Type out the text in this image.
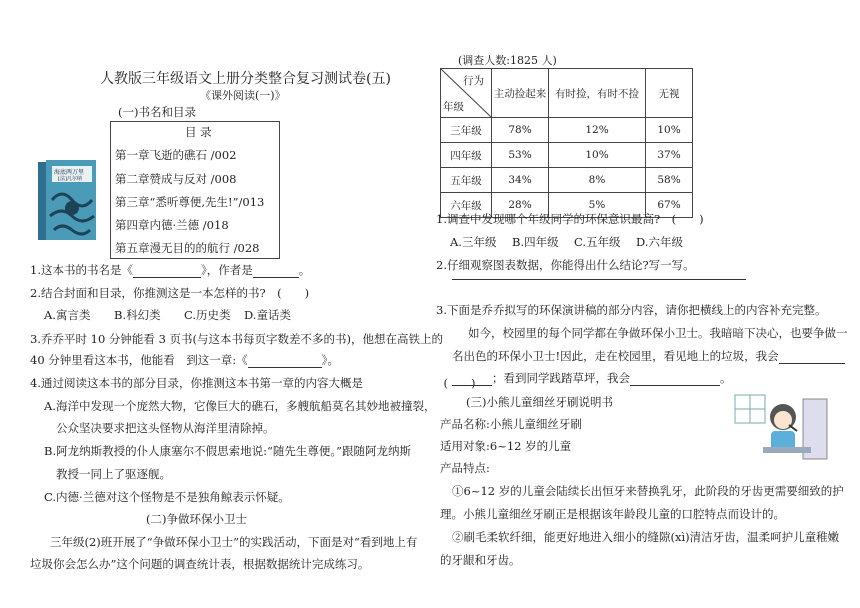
人教版三年级语文上册分类整合复习测试卷(五)
《课外阅读(一)》
(一)书名和目录
目 录
第一章飞逝的礁石 /002
第二章赞成与反对 /008
第三章“悉听尊便,先生!”/013
第四章内德·兰德 /018
第五章漫无目的的航行 /028
海底两万里
[法]凡尔纳
1.这本书的书名是《	》，作者是	。
2.结合封面和目录，你推测这是一本怎样的书?　(　　)
A.寓言类 B.科幻类 C.历史类 D.童话类
3.乔乔平时 10 分钟能看 3 页书(与这本书每页字数差不多的书)，他想在高铁上的
40 分钟里看这本书，他能看　到这一章:《	》。
4.通过阅读这本书的部分目录，你推测这本书第一章的内容大概是　　　　　　　(　　)
A.海洋中发现一个庞然大物，它像巨大的礁石，多艘航船莫名其妙地被撞裂，
公众坚决要求把这头怪物从海洋里清除掉。
B.阿龙纳斯教授的仆人康塞尔不假思索地说:“随先生尊便。”跟随阿龙纳斯
教授一同上了驱逐舰。
C.内德·兰德对这个怪物是不是独角鲸表示怀疑。
(二)争做环保小卫士
三年级(2)班开展了“争做环保小卫士”的实践活动，下面是对“看到地上有
垃圾你会怎么办”这个问题的调查统计表，根据数据统计完成练习。
(调查人数:1825 人)
行为
年级	主动捡起来	有时捡，有时不捡	无视
三年级	78%	12%	10%
四年级	53%	10%	37%
五年级	34%	8%	58%
六年级	28%	5%	67%
1.调查中发现哪个年级同学的环保意识最高?　(　　)
A.三年级 B.四年级 C.五年级 D.六年级
2.仔细观察图表数据，你能得出什么结论?写一写。
3.下面是乔乔拟写的环保演讲稿的部分内容，请你把横线上的内容补充完整。
如今，校园里的每个同学都在争做环保小卫士。我暗暗下决心，也要争做一
名出色的环保小卫士!因此，走在校园里，看见地上的垃圾，我会
；看到同学践踏草坪，我会	。
(三)小熊儿童细丝牙刷说明书
产品名称:小熊儿童细丝牙刷
适用对象:6~12 岁的儿童
产品特点:
①6~12 岁的儿童会陆续长出恒牙来替换乳牙，此阶段的牙齿更需要细致的护
理。小熊儿童细丝牙刷正是根据该年龄段儿童的口腔特点而设计的。
②刷毛柔软纤细，能更好地进入细小的缝隙(xì)清洁牙齿，温柔呵护儿童稚嫩
的牙龈和牙齿。
